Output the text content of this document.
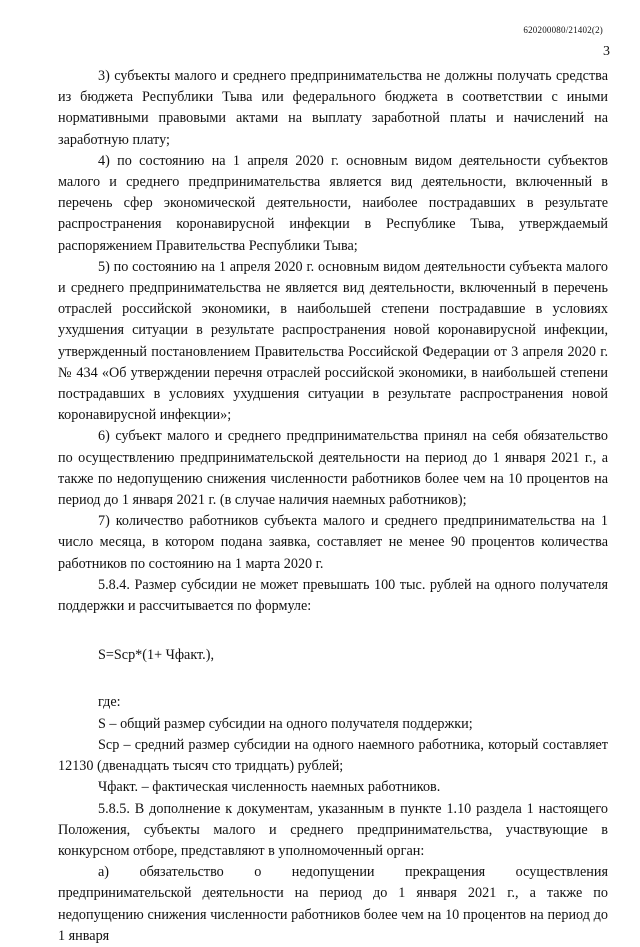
620200080/21402(2)
3

3) субъекты малого и среднего предпринимательства не должны получать средства из бюджета Республики Тыва или федерального бюджета в соответствии с иными нормативными правовыми актами на выплату заработной платы и начислений на заработную плату;

4) по состоянию на 1 апреля 2020 г. основным видом деятельности субъектов малого и среднего предпринимательства является вид деятельности, включенный в перечень сфер экономической деятельности, наиболее пострадавших в результате распространения коронавирусной инфекции в Республике Тыва, утверждаемый распоряжением Правительства Республики Тыва;

5) по состоянию на 1 апреля 2020 г. основным видом деятельности субъекта малого и среднего предпринимательства не является вид деятельности, включенный в перечень отраслей российской экономики, в наибольшей степени пострадавшие в условиях ухудшения ситуации в результате распространения новой коронавирусной инфекции, утвержденный постановлением Правительства Российской Федерации от 3 апреля 2020 г. № 434 «Об утверждении перечня отраслей российской экономики, в наибольшей степени пострадавших в условиях ухудшения ситуации в результате распространения новой коронавирусной инфекции»;

6) субъект малого и среднего предпринимательства принял на себя обязательство по осуществлению предпринимательской деятельности на период до 1 января 2021 г., а также по недопущению снижения численности работников более чем на 10 процентов на период до 1 января 2021 г. (в случае наличия наемных работников);

7) количество работников субъекта малого и среднего предпринимательства на 1 число месяца, в котором подана заявка, составляет не менее 90 процентов количества работников по состоянию на 1 марта 2020 г.

5.8.4. Размер субсидии не может превышать 100 тыс. рублей на одного получателя поддержки и рассчитывается по формуле:

S=Sср*(1+ Чфакт.),

где:

S – общий размер субсидии на одного получателя поддержки;

Sср – средний размер субсидии на одного наемного работника, который составляет 12130 (двенадцать тысяч сто тридцать) рублей;

Чфакт. – фактическая численность наемных работников.

5.8.5. В дополнение к документам, указанным в пункте 1.10 раздела 1 настоящего Положения, субъекты малого и среднего предпринимательства, участвующие в конкурсном отборе, представляют в уполномоченный орган:

а) обязательство о недопущении прекращения осуществления предпринимательской деятельности на период до 1 января 2021 г., а также по недопущению снижения численности работников более чем на 10 процентов на период до 1 января
